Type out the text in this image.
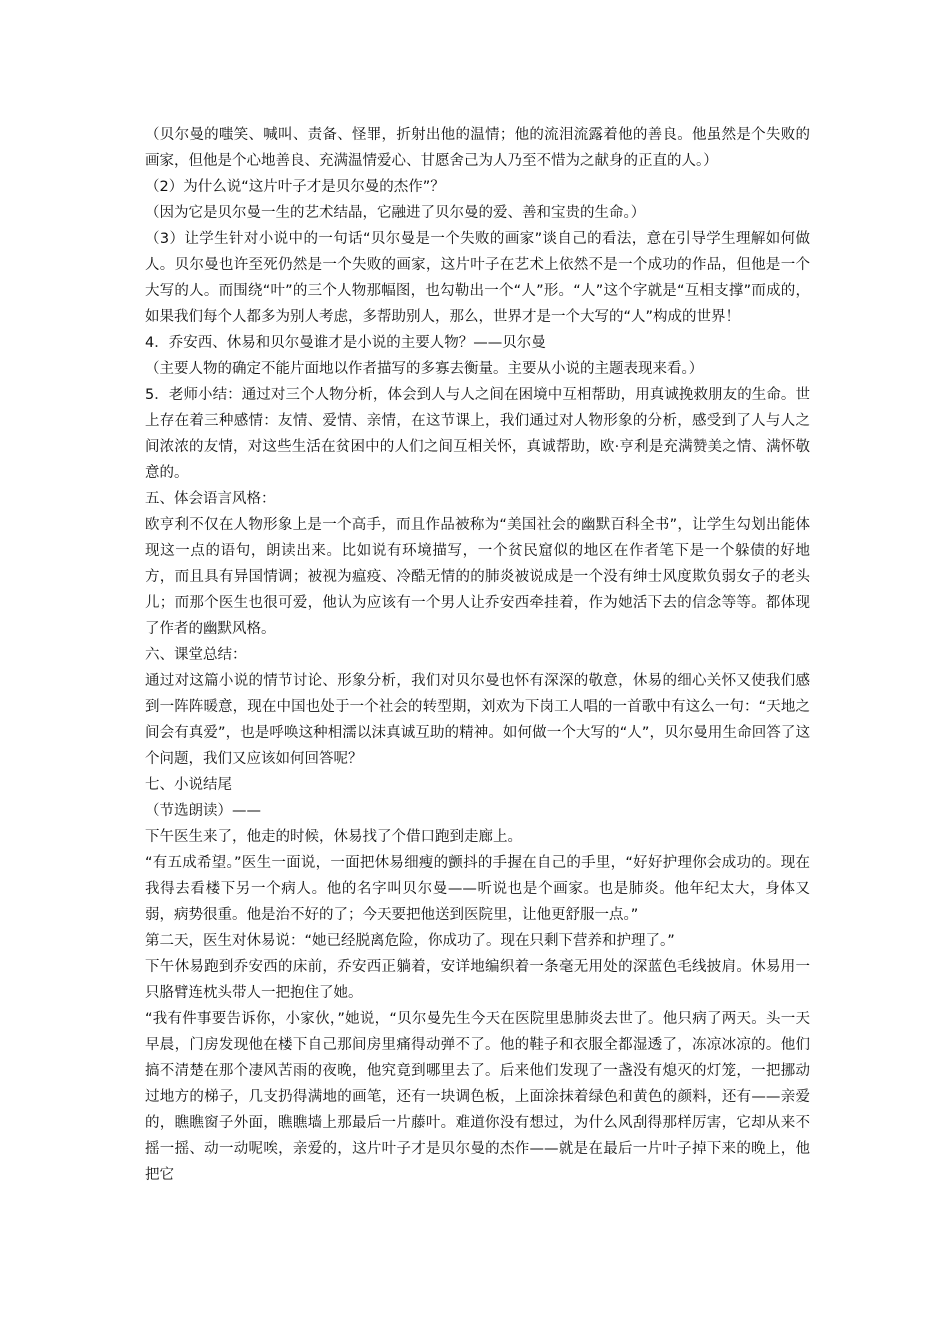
（贝尔曼的嗤笑、喊叫、责备、怪罪，折射出他的温情；他的流泪流露着他的善良。他虽然是个失败的画家，但他是个心地善良、充满温情爱心、甘愿舍己为人乃至不惜为之献身的正直的人。）

（2）为什么说“这片叶子才是贝尔曼的杰作”？

（因为它是贝尔曼一生的艺术结晶，它融进了贝尔曼的爱、善和宝贵的生命。）

（3）让学生针对小说中的一句话“贝尔曼是一个失败的画家”谈自己的看法，意在引导学生理解如何做人。贝尔曼也许至死仍然是一个失败的画家，这片叶子在艺术上依然不是一个成功的作品，但他是一个大写的人。而围绕“叶”的三个人物那幅图，也勾勒出一个“人”形。“人”这个字就是“互相支撑”而成的，如果我们每个人都多为别人考虑，多帮助别人，那么，世界才是一个大写的“人”构成的世界！

4．乔安西、休易和贝尔曼谁才是小说的主要人物？——贝尔曼

（主要人物的确定不能片面地以作者描写的多寡去衡量。主要从小说的主题表现来看。）

5．老师小结：通过对三个人物分析，体会到人与人之间在困境中互相帮助，用真诚挽救朋友的生命。世上存在着三种感情：友情、爱情、亲情，在这节课上，我们通过对人物形象的分析，感受到了人与人之间浓浓的友情，对这些生活在贫困中的人们之间互相关怀，真诚帮助，欧·亨利是充满赞美之情、满怀敬意的。

五、体会语言风格：

欧亨利不仅在人物形象上是一个高手，而且作品被称为“美国社会的幽默百科全书”，让学生勾划出能体现这一点的语句，朗读出来。比如说有环境描写，一个贫民窟似的地区在作者笔下是一个躲债的好地方，而且具有异国情调；被视为瘟疫、冷酷无情的的肺炎被说成是一个没有绅士风度欺负弱女子的老头儿；而那个医生也很可爱，他认为应该有一个男人让乔安西牵挂着，作为她活下去的信念等等。都体现了作者的幽默风格。

六、课堂总结：

通过对这篇小说的情节讨论、形象分析，我们对贝尔曼也怀有深深的敬意，休易的细心关怀又使我们感到一阵阵暖意，现在中国也处于一个社会的转型期，刘欢为下岗工人唱的一首歌中有这么一句：“天地之间会有真爱”，也是呼唤这种相濡以沫真诚互助的精神。如何做一个大写的“人”，贝尔曼用生命回答了这个问题，我们又应该如何回答呢？

七、小说结尾

（节选朗读）——

下午医生来了，他走的时候，休易找了个借口跑到走廊上。

“有五成希望。”医生一面说，一面把休易细瘦的颤抖的手握在自己的手里，“好好护理你会成功的。现在我得去看楼下另一个病人。他的名字叫贝尔曼——听说也是个画家。也是肺炎。他年纪太大，身体又弱，病势很重。他是治不好的了；今天要把他送到医院里，让他更舒服一点。”

第二天，医生对休易说：“她已经脱离危险，你成功了。现在只剩下营养和护理了。”

下午休易跑到乔安西的床前，乔安西正躺着，安详地编织着一条毫无用处的深蓝色毛线披肩。休易用一只胳臂连枕头带人一把抱住了她。

“我有件事要告诉你，小家伙，”她说，“贝尔曼先生今天在医院里患肺炎去世了。他只病了两天。头一天早晨，门房发现他在楼下自己那间房里痛得动弹不了。他的鞋子和衣服全都湿透了，冻凉冰凉的。他们搞不清楚在那个凄风苦雨的夜晚，他究竟到哪里去了。后来他们发现了一盏没有熄灭的灯笼，一把挪动过地方的梯子，几支扔得满地的画笔，还有一块调色板，上面涂抹着绿色和黄色的颜料，还有——亲爱的，瞧瞧窗子外面，瞧瞧墙上那最后一片藤叶。难道你没有想过，为什么风刮得那样厉害，它却从来不摇一摇、动一动呢唉，亲爱的，这片叶子才是贝尔曼的杰作——就是在最后一片叶子掉下来的晚上，他把它
